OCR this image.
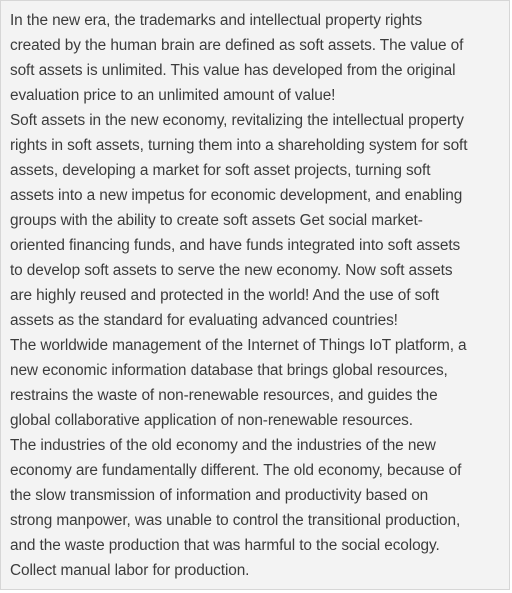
In the new era, the trademarks and intellectual property rights
created by the human brain are defined as soft assets. The value of
soft assets is unlimited. This value has developed from the original
evaluation price to an unlimited amount of value!

Soft assets in the new economy, revitalizing the intellectual property
rights in soft assets, turning them into a shareholding system for soft
assets, developing a market for soft asset projects, turning soft
assets into a new impetus for economic development, and enabling
groups with the ability to create soft assets Get social market-
oriented financing funds, and have funds integrated into soft assets
to develop soft assets to serve the new economy. Now soft assets
are highly reused and protected in the world! And the use of soft
assets as the standard for evaluating advanced countries!

The worldwide management of the Internet of Things IoT platform, a
new economic information database that brings global resources,
restrains the waste of non-renewable resources, and guides the
global collaborative application of non-renewable resources.

The industries of the old economy and the industries of the new
economy are fundamentally different. The old economy, because of
the slow transmission of information and productivity based on
strong manpower, was unable to control the transitional production,
and the waste production that was harmful to the social ecology.
Collect manual labor for production.
